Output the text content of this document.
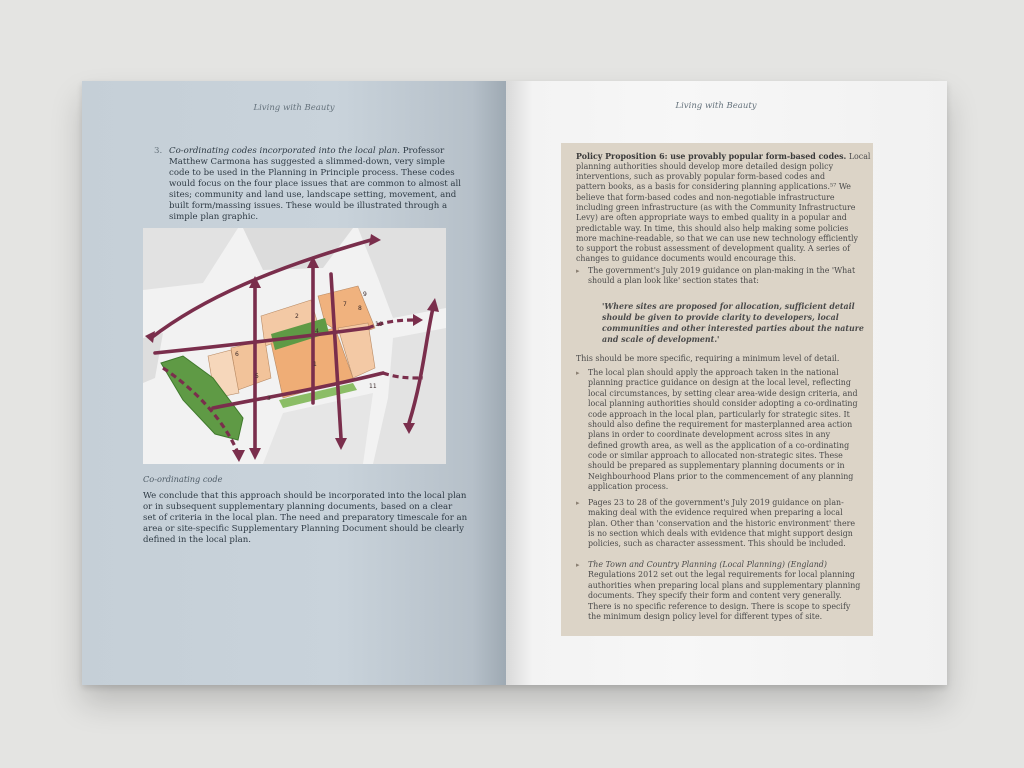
Living with Beauty
3. Co-ordinating codes incorporated into the local plan. Professor
Matthew Carmona has suggested a slimmed-down, very simple
code to be used in the Planning in Principle process. These codes
would focus on the four place issues that are common to almost all
sites; community and land use, landscape setting, movement, and
built form/massing issues. These would be illustrated through a
simple plan graphic.
2
6
4
1
5
3
7
8
9
10
11
Co-ordinating code
We conclude that this approach should be incorporated into the local plan
or in subsequent supplementary planning documents, based on a clear
set of criteria in the local plan. The need and preparatory timescale for an
area or site-specific Supplementary Planning Document should be clearly
defined in the local plan.
Living with Beauty
Policy Proposition 6: use provably popular form-based codes. Local
planning authorities should develop more detailed design policy
interventions, such as provably popular form-based codes and
pattern books, as a basis for considering planning applications.⁵⁷ We
believe that form-based codes and non-negotiable infrastructure
including green infrastructure (as with the Community Infrastructure
Levy) are often appropriate ways to embed quality in a popular and
predictable way. In time, this should also help making some policies
more machine-readable, so that we can use new technology efficiently
to support the robust assessment of development quality. A series of
changes to guidance documents would encourage this.
▸ The government's July 2019 guidance on plan-making in the 'What
should a plan look like' section states that:
'Where sites are proposed for allocation, sufficient detail
should be given to provide clarity to developers, local
communities and other interested parties about the nature
and scale of development.'
This should be more specific, requiring a minimum level of detail.
▸ The local plan should apply the approach taken in the national
planning practice guidance on design at the local level, reflecting
local circumstances, by setting clear area-wide design criteria, and
local planning authorities should consider adopting a co-ordinating
code approach in the local plan, particularly for strategic sites. It
should also define the requirement for masterplanned area action
plans in order to coordinate development across sites in any
defined growth area, as well as the application of a co-ordinating
code or similar approach to allocated non-strategic sites. These
should be prepared as supplementary planning documents or in
Neighbourhood Plans prior to the commencement of any planning
application process.
▸ Pages 23 to 28 of the government's July 2019 guidance on plan-
making deal with the evidence required when preparing a local
plan. Other than 'conservation and the historic environment' there
is no section which deals with evidence that might support design
policies, such as character assessment. This should be included.
▸ The Town and Country Planning (Local Planning) (England)
Regulations 2012 set out the legal requirements for local planning
authorities when preparing local plans and supplementary planning
documents. They specify their form and content very generally.
There is no specific reference to design. There is scope to specify
the minimum design policy level for different types of site.
